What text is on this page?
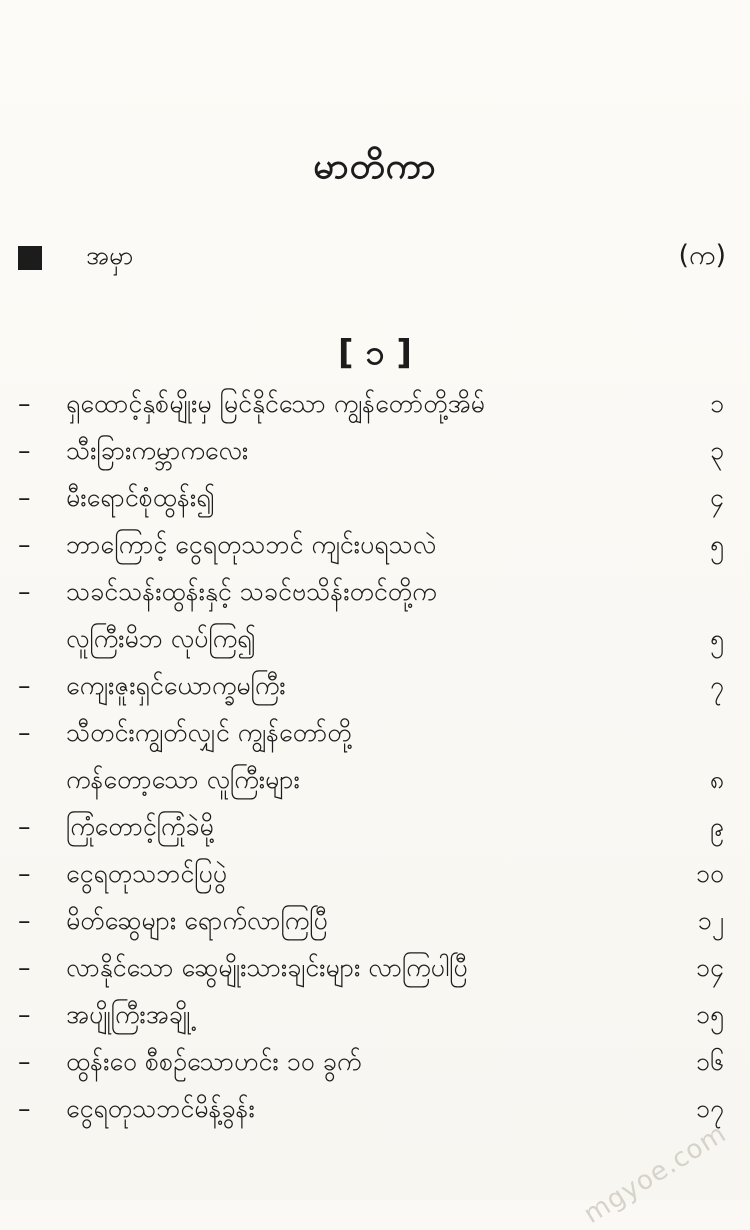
မာတိကာ
အမှာ	(က)
[ ၁ ]
–	ရှထောင့်နှစ်မျိုးမှ မြင်နိုင်သော ကျွန်တော်တို့အိမ်	၁
–	သီးခြားကမ္ဘာကလေး	၃
–	မီးရောင်စုံထွန်း၍	၄
–	ဘာကြောင့် ငွေရတုသဘင် ကျင်းပရသလဲ	၅
–	သခင်သန်းထွန်းနှင့် သခင်ဗသိန်းတင်တို့က
လူကြီးမိဘ လုပ်ကြ၍	၅
–	ကျေးဇူးရှင်ယောက္ခမကြီး	၇
–	သီတင်းကျွတ်လျှင် ကျွန်တော်တို့
ကန်တော့သော လူကြီးများ	၈
–	ကြုံတောင့်ကြုံခဲမို့	၉
–	ငွေရတုသဘင်ပြပွဲ	၁၀
–	မိတ်ဆွေများ ရောက်လာကြပြီ	၁၂
–	လာနိုင်သော ဆွေမျိုးသားချင်းများ လာကြပါပြီ	၁၄
–	အပျိုကြီးအချို့	၁၅
–	ထွန်းဝေ စီစဉ်သောဟင်း ၁၀ ခွက်	၁၆
–	ငွေရတုသဘင်မိန့်ခွန်း	၁၇
mgyoe.com
